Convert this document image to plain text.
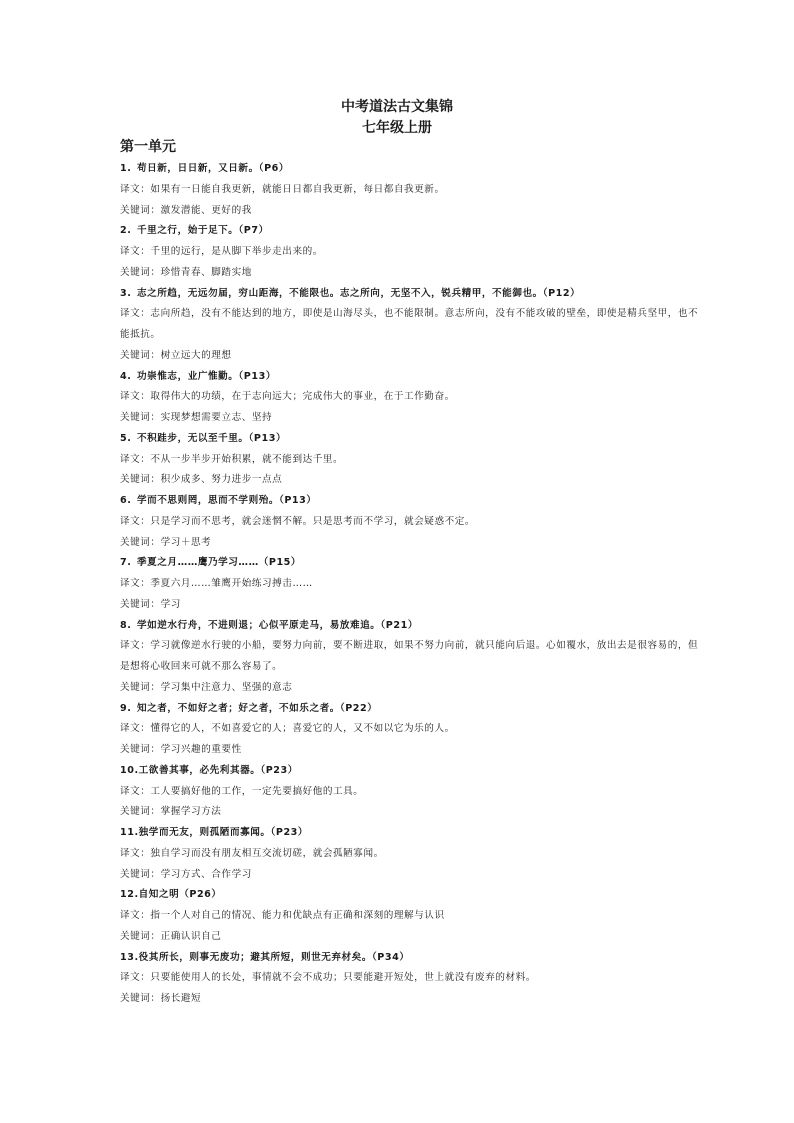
中考道法古文集锦
七年级上册
第一单元
1. 苟日新，日日新，又日新。（P6）
译文：如果有一日能自我更新，就能日日都自我更新，每日都自我更新。
关键词：激发潜能、更好的我
2. 千里之行，始于足下。（P7）
译文：千里的远行，是从脚下举步走出来的。
关键词：珍惜青春、脚踏实地
3. 志之所趋，无远勿届，穷山距海，不能限也。志之所向，无坚不入，锐兵精甲，不能御也。（P12）
译文：志向所趋，没有不能达到的地方，即使是山海尽头，也不能限制。意志所向，没有不能攻破的壁垒，即使是精兵坚甲，也不能抵抗。
关键词：树立远大的理想
4. 功崇惟志，业广惟勤。（P13）
译文：取得伟大的功绩，在于志向远大；完成伟大的事业，在于工作勤奋。
关键词：实现梦想需要立志、坚持
5. 不积跬步，无以至千里。（P13）
译文：不从一步半步开始积累，就不能到达千里。
关键词：积少成多、努力进步一点点
6. 学而不思则罔，思而不学则殆。（P13）
译文：只是学习而不思考，就会迷惘不解。只是思考而不学习，就会疑惑不定。
关键词：学习＋思考
7. 季夏之月……鹰乃学习……（P15）
译文：季夏六月……雏鹰开始练习搏击……
关键词：学习
8. 学如逆水行舟，不进则退；心似平原走马，易放难追。（P21）
译文：学习就像逆水行驶的小船，要努力向前，要不断进取，如果不努力向前，就只能向后退。心如覆水，放出去是很容易的，但是想将心收回来可就不那么容易了。
关键词：学习集中注意力、坚强的意志
9. 知之者，不如好之者；好之者，不如乐之者。（P22）
译文：懂得它的人，不如喜爱它的人；喜爱它的人，又不如以它为乐的人。
关键词：学习兴趣的重要性
10.工欲善其事，必先利其器。（P23）
译文：工人要搞好他的工作，一定先要搞好他的工具。
关键词：掌握学习方法
11.独学而无友，则孤陋而寡闻。（P23）
译文：独自学习而没有朋友相互交流切磋，就会孤陋寡闻。
关键词：学习方式、合作学习
12.自知之明（P26）
译文：指一个人对自己的情况、能力和优缺点有正确和深刻的理解与认识
关键词：正确认识自己
13.役其所长，则事无废功；避其所短，则世无弃材矣。（P34）
译文：只要能使用人的长处，事情就不会不成功；只要能避开短处，世上就没有废弃的材料。
关键词：扬长避短
